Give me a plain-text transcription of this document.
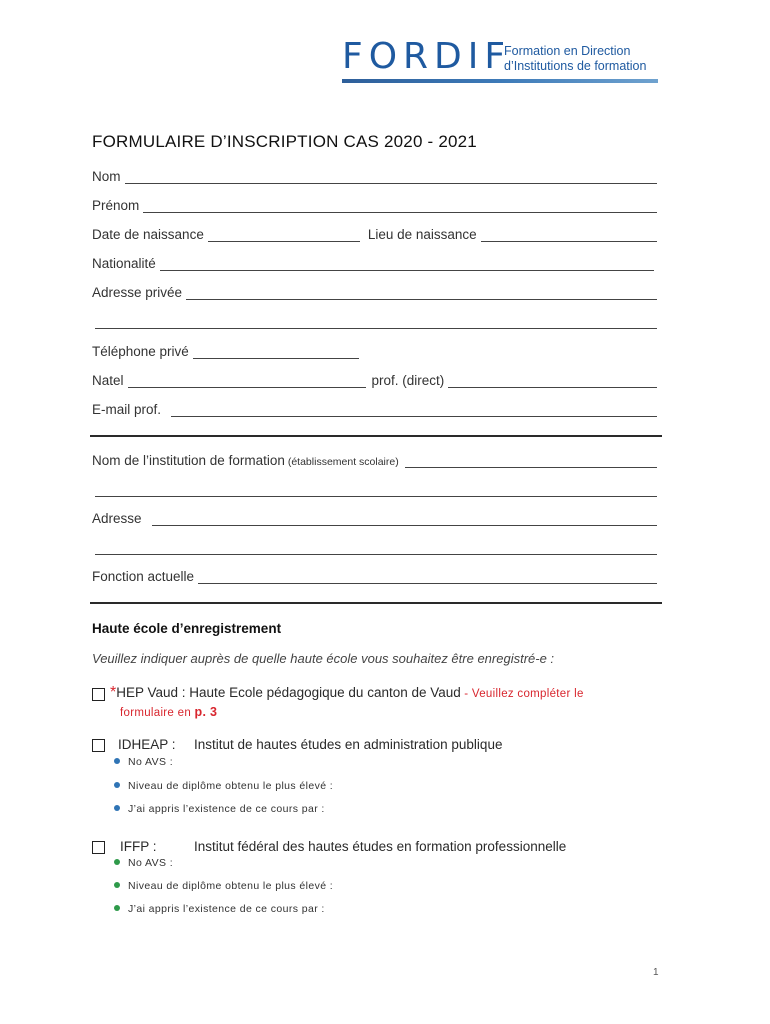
FORDIF
Formation en Direction
d’Institutions de formation
FORMULAIRE D’INSCRIPTION CAS 2020 - 2021
Nom
Prénom
Date de naissance	Lieu de naissance
Nationalité
Adresse privée
Téléphone privé
Natel	prof. (direct)
E-mail prof.
Nom de l’institution de formation (établissement scolaire)
Adresse
Fonction actuelle
Haute école d’enregistrement
Veuillez indiquer auprès de quelle haute école vous souhaitez être enregistré-e :
*HEP Vaud : Haute Ecole pédagogique du canton de Vaud - Veuillez compléter le
formulaire en p. 3
IDHEAP : Institut de hautes études en administration publique
No AVS :
Niveau de diplôme obtenu le plus élevé :
J’ai appris l’existence de ce cours par :
IFFP :	Institut fédéral des hautes études en formation professionnelle
No AVS :
Niveau de diplôme obtenu le plus élevé :
J’ai appris l’existence de ce cours par :
1
